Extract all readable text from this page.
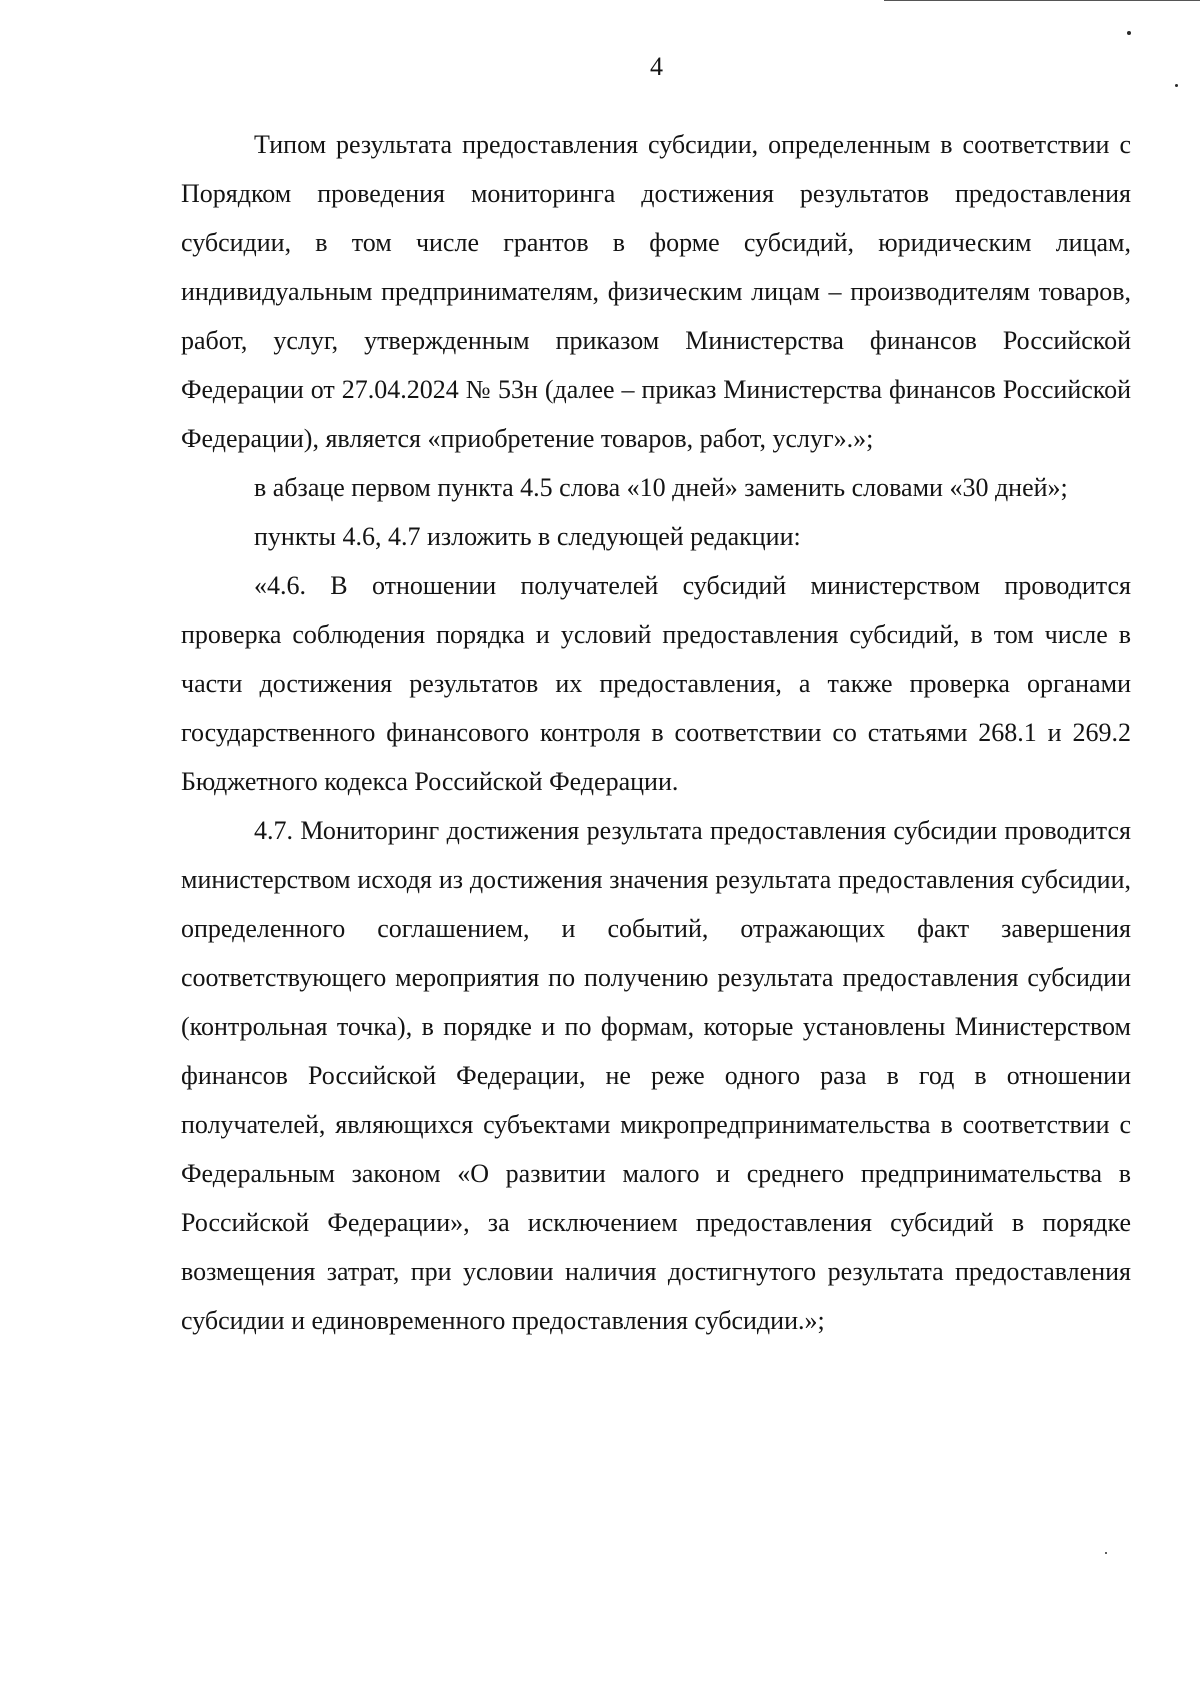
4

Типом результата предоставления субсидии, определенным в соответствии с Порядком проведения мониторинга достижения результатов предоставления субсидии, в том числе грантов в форме субсидий, юридическим лицам, индивидуальным предпринимателям, физическим лицам – производителям товаров, работ, услуг, утвержденным приказом Министерства финансов Российской Федерации от 27.04.2024 № 53н (далее – приказ Министерства финансов Российской Федерации), является «приобретение товаров, работ, услуг».»;

в абзаце первом пункта 4.5 слова «10 дней» заменить словами «30 дней»;

пункты 4.6, 4.7 изложить в следующей редакции:

«4.6. В отношении получателей субсидий министерством проводится проверка соблюдения порядка и условий предоставления субсидий, в том числе в части достижения результатов их предоставления, а также проверка органами государственного финансового контроля в соответствии со статьями 268.1 и 269.2 Бюджетного кодекса Российской Федерации.

4.7. Мониторинг достижения результата предоставления субсидии проводится министерством исходя из достижения значения результата предоставления субсидии, определенного соглашением, и событий, отражающих факт завершения соответствующего мероприятия по получению результата предоставления субсидии (контрольная точка), в порядке и по формам, которые установлены Министерством финансов Российской Федерации, не реже одного раза в год в отношении получателей, являющихся субъектами микропредпринимательства в соответствии с Федеральным законом «О развитии малого и среднего предпринимательства в Российской Федерации», за исключением предоставления субсидий в порядке возмещения затрат, при условии наличия достигнутого результата предоставления субсидии и единовременного предоставления субсидии.»;
